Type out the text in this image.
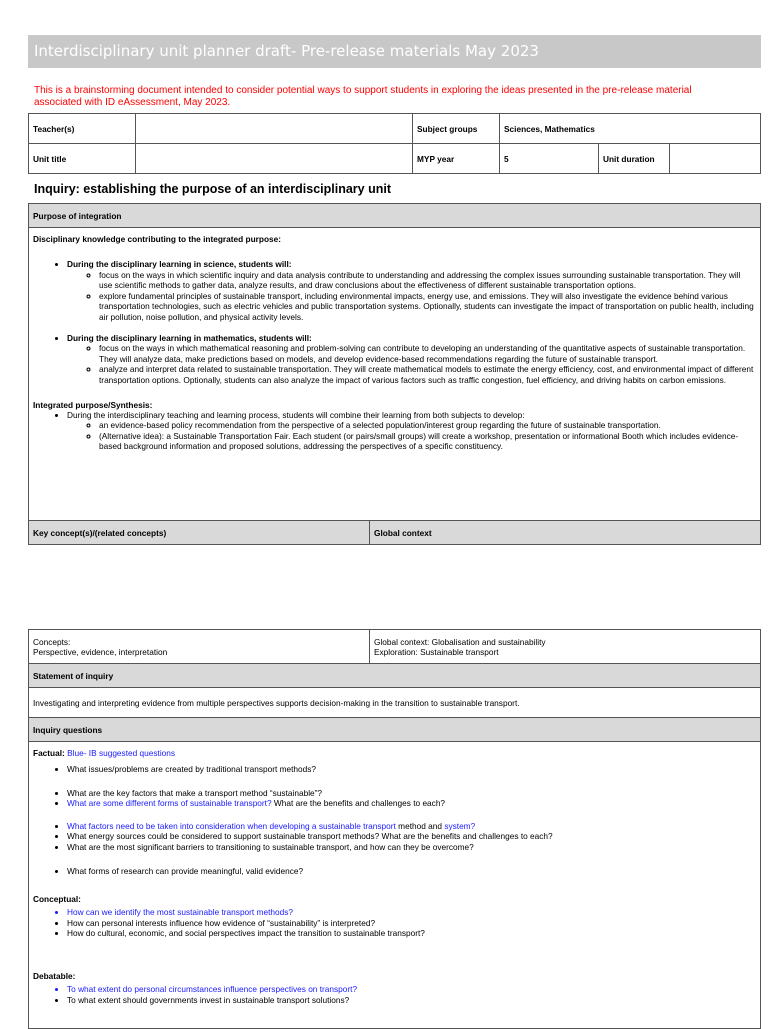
Interdisciplinary unit planner draft- Pre-release materials May 2023
This is a brainstorming document intended to consider potential ways to support students in exploring the ideas presented in the pre-release material associated with ID eAssessment, May 2023.
Teacher(s)		Subject groups	Sciences, Mathematics		
Unit title		MYP year	5	Unit duration	
Inquiry: establishing the purpose of an interdisciplinary unit
Purpose of integration

Disciplinary knowledge contributing to the integrated purpose:

• During the disciplinary learning in science, students will:
◦ focus on the ways in which scientific inquiry and data analysis contribute to understanding and addressing the complex issues surrounding sustainable transportation. They will use scientific methods to gather data, analyze results, and draw conclusions about the effectiveness of different sustainable transportation options.
◦ explore fundamental principles of sustainable transport, including environmental impacts, energy use, and emissions. They will also investigate the evidence behind various transportation technologies, such as electric vehicles and public transportation systems. Optionally, students can investigate the impact of transportation on public health, including air pollution, noise pollution, and physical activity levels.
• During the disciplinary learning in mathematics, students will:
◦ focus on the ways in which mathematical reasoning and problem-solving can contribute to developing an understanding of the quantitative aspects of sustainable transportation. They will analyze data, make predictions based on models, and develop evidence-based recommendations regarding the future of sustainable transport.
◦ analyze and interpret data related to sustainable transportation. They will create mathematical models to estimate the energy efficiency, cost, and environmental impact of different transportation options. Optionally, students can also analyze the impact of various factors such as traffic congestion, fuel efficiency, and driving habits on carbon emissions.

Integrated purpose/Synthesis:

• During the interdisciplinary teaching and learning process, students will combine their learning from both subjects to develop:
◦ an evidence-based policy recommendation from the perspective of a selected population/interest group regarding the future of sustainable transportation.
◦ (Alternative idea): a Sustainable Transportation Fair. Each student (or pairs/small groups) will create a workshop, presentation or informational Booth which includes evidence-based background information and proposed solutions, addressing the perspectives of a specific constituency.

Key concept(s)/(related concepts)	Global context
Concepts:
Perspective, evidence, interpretation

Global context: Globalisation and sustainability
Exploration: Sustainable transport

Statement of inquiry
Investigating and interpreting evidence from multiple perspectives supports decision-making in the transition to sustainable transport.
Inquiry questions

Factual: Blue- IB suggested questions

• What issues/problems are created by traditional transport methods?
• What are the key factors that make a transport method “sustainable”?
• What are some different forms of sustainable transport? What are the benefits and challenges to each?
• What factors need to be taken into consideration when developing a sustainable transport method and system?
• What energy sources could be considered to support sustainable transport methods? What are the benefits and challenges to each?
• What are the most significant barriers to transitioning to sustainable transport, and how can they be overcome?
• What forms of research can provide meaningful, valid evidence?

Conceptual:

• How can we identify the most sustainable transport methods?
• How can personal interests influence how evidence of “sustainability” is interpreted?
• How do cultural, economic, and social perspectives impact the transition to sustainable transport?

Debatable:

• To what extent do personal circumstances influence perspectives on transport?
• To what extent should governments invest in sustainable transport solutions?
